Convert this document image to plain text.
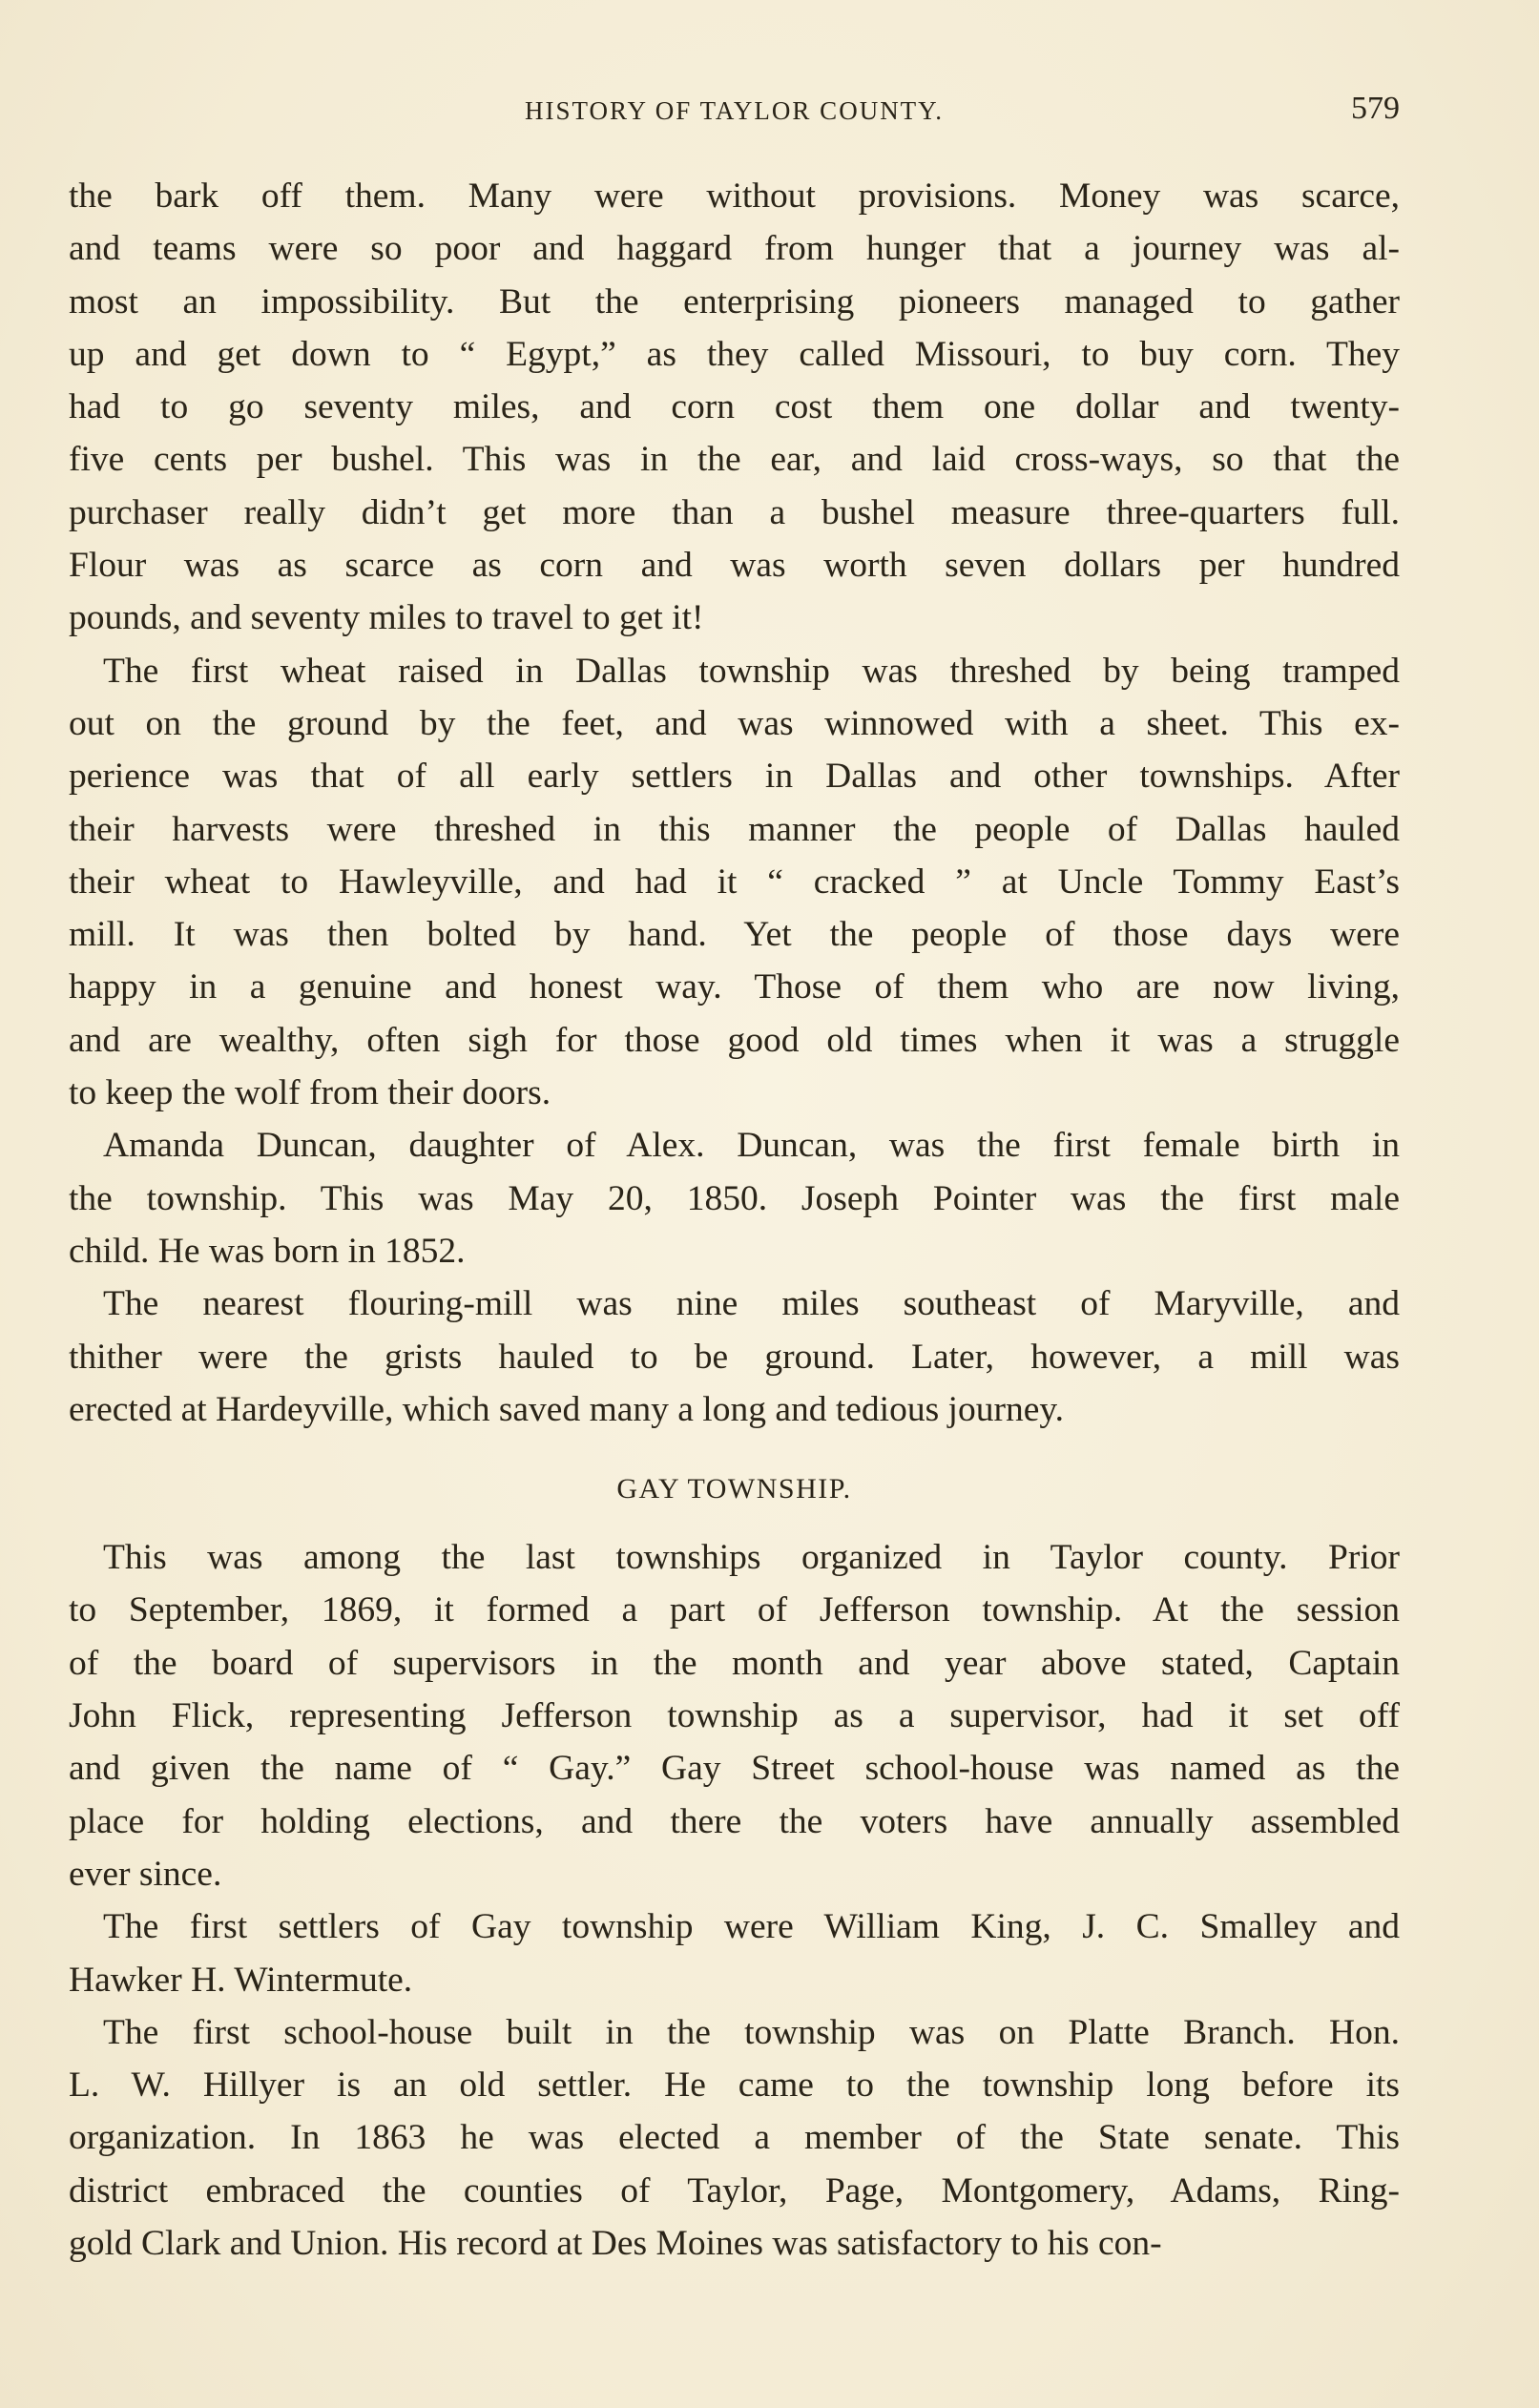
HISTORY OF TAYLOR COUNTY.	579
the bark off them. Many were without provisions. Money was scarce,
and teams were so poor and haggard from hunger that a journey was al-
most an impossibility. But the enterprising pioneers managed to gather
up and get down to “ Egypt,” as they called Missouri, to buy corn. They
had to go seventy miles, and corn cost them one dollar and twenty-
five cents per bushel. This was in the ear, and laid cross-ways, so that the
purchaser really didn’t get more than a bushel measure three-quarters full.
Flour was as scarce as corn and was worth seven dollars per hundred
pounds, and seventy miles to travel to get it!
The first wheat raised in Dallas township was threshed by being tramped
out on the ground by the feet, and was winnowed with a sheet. This ex-
perience was that of all early settlers in Dallas and other townships. After
their harvests were threshed in this manner the people of Dallas hauled
their wheat to Hawleyville, and had it “ cracked ” at Uncle Tommy East’s
mill. It was then bolted by hand. Yet the people of those days were
happy in a genuine and honest way. Those of them who are now living,
and are wealthy, often sigh for those good old times when it was a struggle
to keep the wolf from their doors.
Amanda Duncan, daughter of Alex. Duncan, was the first female birth in
the township. This was May 20, 1850. Joseph Pointer was the first male
child. He was born in 1852.
The nearest flouring-mill was nine miles southeast of Maryville, and
thither were the grists hauled to be ground. Later, however, a mill was
erected at Hardeyville, which saved many a long and tedious journey.
GAY TOWNSHIP.
This was among the last townships organized in Taylor county. Prior
to September, 1869, it formed a part of Jefferson township. At the session
of the board of supervisors in the month and year above stated, Captain
John Flick, representing Jefferson township as a supervisor, had it set off
and given the name of “ Gay.” Gay Street school-house was named as the
place for holding elections, and there the voters have annually assembled
ever since.
The first settlers of Gay township were William King, J. C. Smalley and
Hawker H. Wintermute.
The first school-house built in the township was on Platte Branch. Hon.
L. W. Hillyer is an old settler. He came to the township long before its
organization. In 1863 he was elected a member of the State senate. This
district embraced the counties of Taylor, Page, Montgomery, Adams, Ring-
gold Clark and Union. His record at Des Moines was satisfactory to his con-
